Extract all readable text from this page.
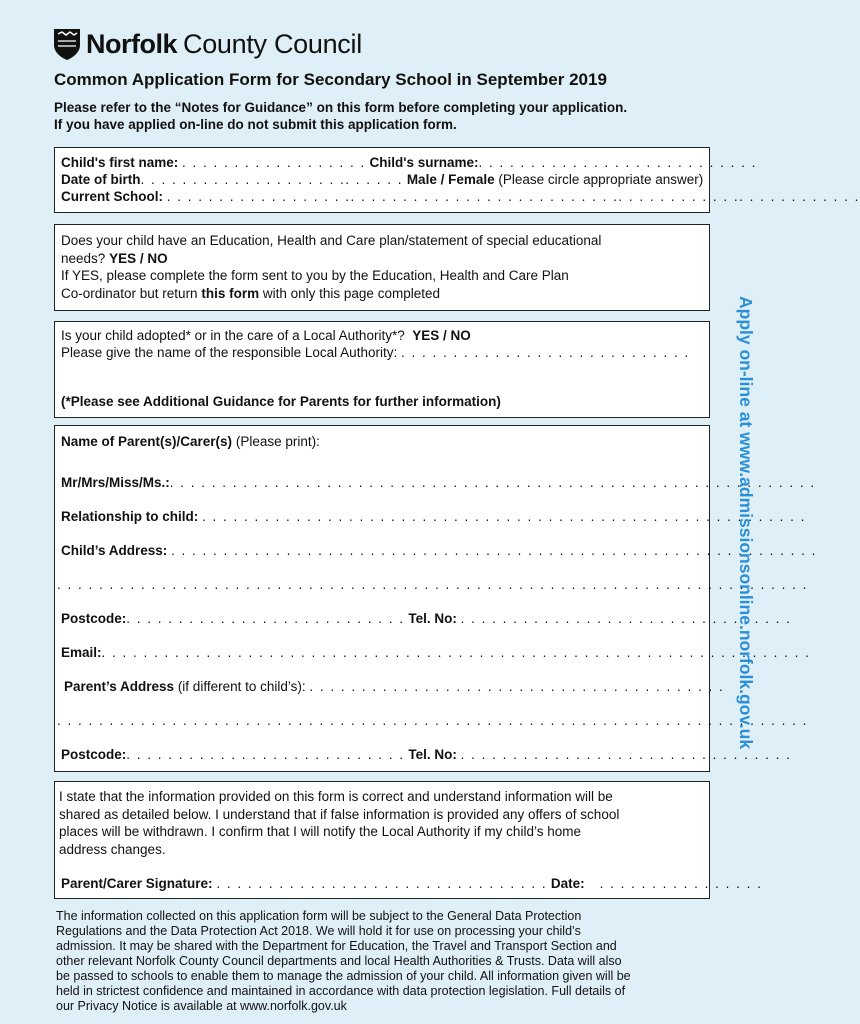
Norfolk County Council
Common Application Form for Secondary School in September 2019
Please refer to the “Notes for Guidance” on this form before completing your application.
If you have applied on-line do not submit this application form.
Child's first name: . . . . . . . . . . . . . . . . . . Child's surname:. . . . . . . . . . . . . . . . . . . . . . . . . . .
Date of birth. . . . . . . . . . . . . . . . . . . .. . . . . . Male / Female (Please circle appropriate answer)
Current School: . . . . . . . . . . . . . . . . . .. . . . . . . . . . . . . . . . . . . . . . . . . .. . . . . . . . . . . .. . . . . . . . . . . .

Does your child have an Education, Health and Care plan/statement of special educational

needs? YES / NO

If YES, please complete the form sent to you by the Education, Health and Care Plan

Co-ordinator but return this form with only this page completed

Is your child adopted* or in the care of a Local Authority*? YES / NO
Please give the name of the responsible Local Authority: . . . . . . . . . . . . . . . . . . . . . . . . . . . .
(*Please see Additional Guidance for Parents for further information)
Name of Parent(s)/Carer(s) (Please print):
Mr/Mrs/Miss/Ms.:. . . . . . . . . . . . . . . . . . . . . . . . . . . . . . . . . . . . . . . . . . . . . . . . . . . . . . . . . . . . . .
Relationship to child: . . . . . . . . . . . . . . . . . . . . . . . . . . . . . . . . . . . . . . . . . . . . . . . . . . . . . . . . . .
Child’s Address: . . . . . . . . . . . . . . . . . . . . . . . . . . . . . . . . . . . . . . . . . . . . . . . . . . . . . . . . . . . . . .
. . . . . . . . . . . . . . . . . . . . . . . . . . . . . . . . . . . . . . . . . . . . . . . . . . . . . . . . . . . . . . . . . . . . . . . .
Postcode:. . . . . . . . . . . . . . . . . . . . . . . . . . . Tel. No: . . . . . . . . . . . . . . . . . . . . . . . . . . . . . . . .
Email:. . . . . . . . . . . . . . . . . . . . . . . . . . . . . . . . . . . . . . . . . . . . . . . . . . . . . . . . . . . . . . . . . . . .
Parent’s Address (if different to child’s): . . . . . . . . . . . . . . . . . . . . . . . . . . . . . . . . . . . . . . . .
. . . . . . . . . . . . . . . . . . . . . . . . . . . . . . . . . . . . . . . . . . . . . . . . . . . . . . . . . . . . . . . . . . . . . . . .
Postcode:. . . . . . . . . . . . . . . . . . . . . . . . . . . Tel. No: . . . . . . . . . . . . . . . . . . . . . . . . . . . . . . . .

I state that the information provided on this form is correct and understand information will be

shared as detailed below. I understand that if false information is provided any offers of school

places will be withdrawn. I confirm that I will notify the Local Authority if my child’s home

address changes.

Parent/Carer Signature: . . . . . . . . . . . . . . . . . . . . . . . . . . . . . . . . Date: . . . . . . . . . . . . . . . .
Apply on-line at www.admissionsonline.norfolk.gov.uk
The information collected on this application form will be subject to the General Data Protection
Regulations and the Data Protection Act 2018. We will hold it for use on processing your child’s
admission. It may be shared with the Department for Education, the Travel and Transport Section and
other relevant Norfolk County Council departments and local Health Authorities & Trusts. Data will also
be passed to schools to enable them to manage the admission of your child. All information given will be
held in strictest confidence and maintained in accordance with data protection legislation. Full details of
our Privacy Notice is available at www.norfolk.gov.uk
